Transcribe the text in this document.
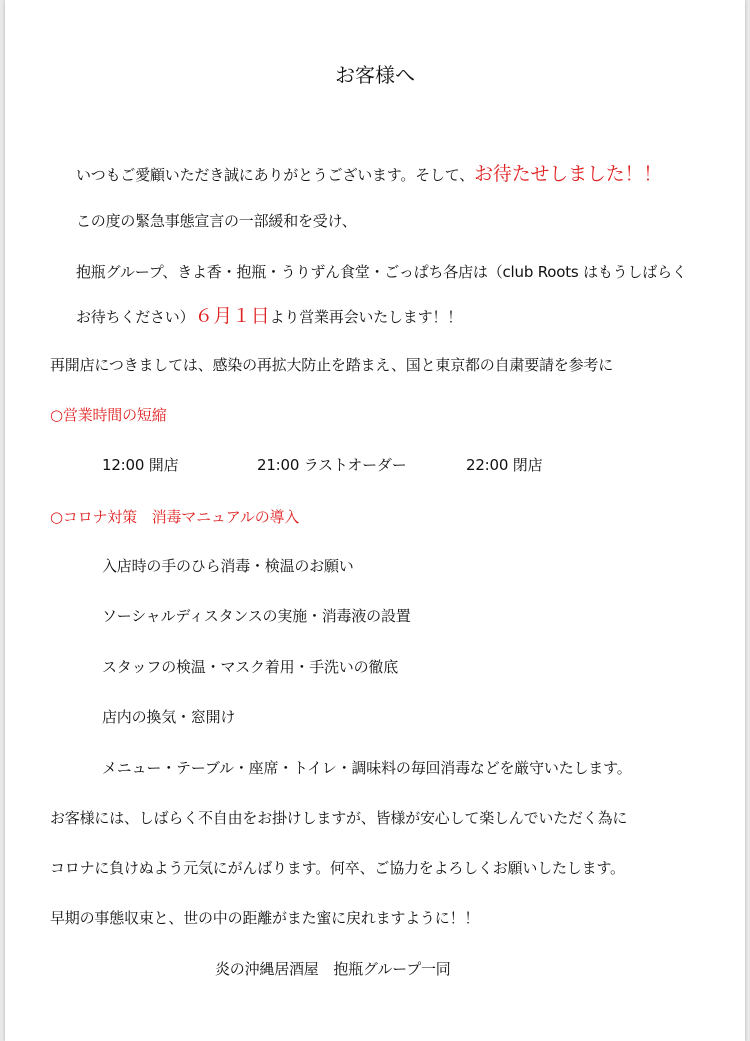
お客様へ
いつもご愛顧いただき誠にありがとうございます。そして、お待たせしました！！
この度の緊急事態宣言の一部緩和を受け、
抱瓶グループ、きよ香・抱瓶・うりずん食堂・ごっぱち各店は（club Roots はもうしばらく
お待ちください）６月１日より営業再会いたします！！
再開店につきましては、感染の再拡大防止を踏まえ、国と東京都の自粛要請を参考に
○営業時間の短縮
12:00 開店	21:00 ラストオーダー	22:00 閉店
○コロナ対策　消毒マニュアルの導入
入店時の手のひら消毒・検温のお願い
ソーシャルディスタンスの実施・消毒液の設置
スタッフの検温・マスク着用・手洗いの徹底
店内の換気・窓開け
メニュー・テーブル・座席・トイレ・調味料の毎回消毒などを厳守いたします。
お客様には、しばらく不自由をお掛けしますが、皆様が安心して楽しんでいただく為に
コロナに負けぬよう元気にがんばります。何卒、ご協力をよろしくお願いしたします。
早期の事態収束と、世の中の距離がまた蜜に戻れますように！！
炎の沖縄居酒屋　抱瓶グループ一同
